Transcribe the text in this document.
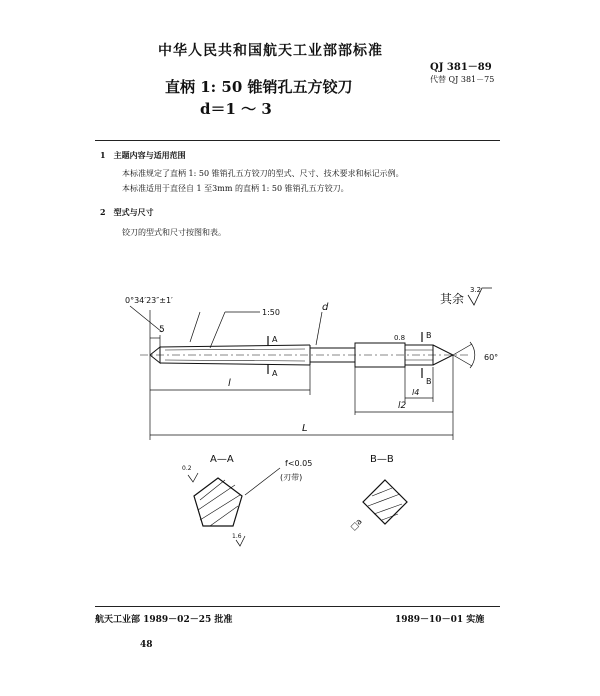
中华人民共和国航天工业部部标准
QJ 381－89
代替 QJ 381－75
直柄 1: 50 锥销孔五方铰刀
d＝1 ～ 3
1　主题内容与适用范围
本标准规定了直柄 1: 50 锥销孔五方铰刀的型式、尺寸、技术要求和标记示例。
本标准适用于直径自 1 至3mm 的直柄 1: 50 锥销孔五方铰刀。
2　型式与尺寸
铰刀的型式和尺寸按图和表。
0°34′23″±1′
5
1:50
A
A
B
B
l
l2
l4
L
d
0.8
其余
3.2
60°
A—A
0.2
f<0.05
(刃带)
1.6
B—B
□a
航天工业部 1989－02－25 批准	1989－10－01 实施
48
